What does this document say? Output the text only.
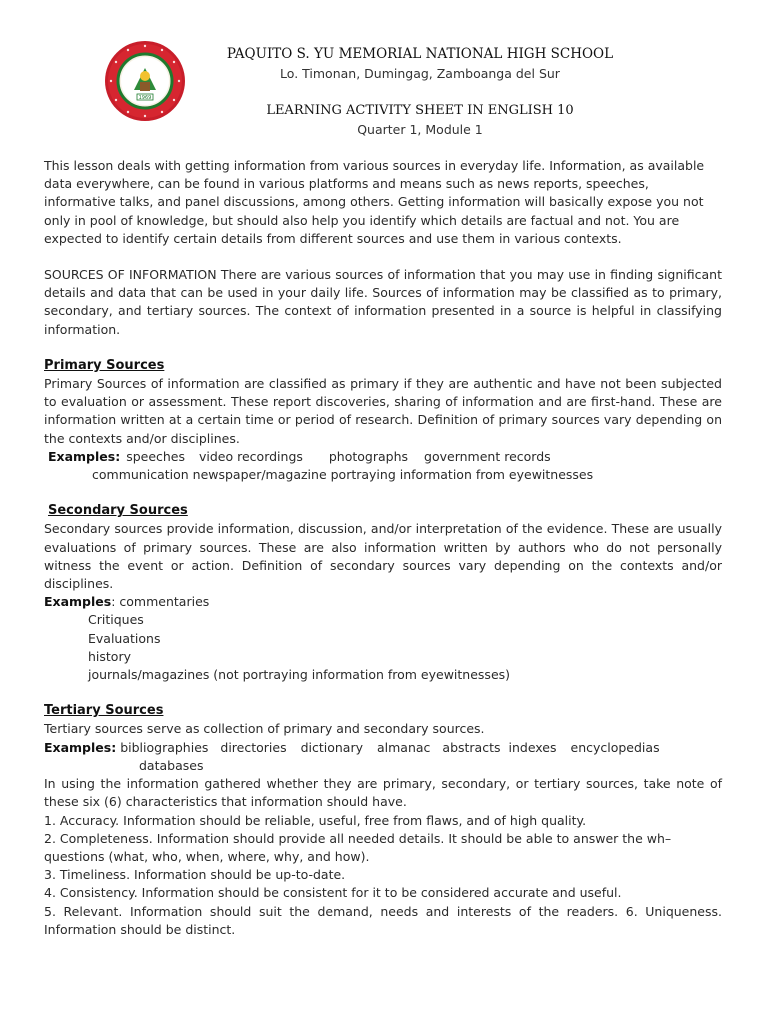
1969
PAQUITO S. YU MEMORIAL NATIONAL HIGH SCHOOL
Lo. Timonan, Dumingag, Zamboanga del Sur
LEARNING ACTIVITY SHEET IN ENGLISH 10
Quarter 1, Module 1

This lesson deals with getting information from various sources in everyday life. Information, as available data everywhere, can be found in various platforms and means such as news reports, speeches, informative talks, and panel discussions, among others. Getting information will basically expose you not only in pool of knowledge, but should also help you identify which details are factual and not. You are expected to identify certain details from different sources and use them in various contexts.

SOURCES OF INFORMATION There are various sources of information that you may use in finding significant details and data that can be used in your daily life. Sources of information may be classified as to primary, secondary, and tertiary sources. The context of information presented in a source is helpful in classifying information.

Primary Sources

Primary Sources of information are classified as primary if they are authentic and have not been subjected to evaluation or assessment. These report discoveries, sharing of information and are first-hand. These are information written at a certain time or period of research. Definition of primary sources vary depending on the contexts and/or disciplines.

Examples: speeches video recordings photographs government records

communication newspaper/magazine portraying information from eyewitnesses

Secondary Sources

Secondary sources provide information, discussion, and/or interpretation of the evidence. These are usually evaluations of primary sources. These are also information written by authors who do not personally witness the event or action. Definition of secondary sources vary depending on the contexts and/or disciplines.

Examples: commentaries

Critiques

Evaluations

history

journals/magazines (not portraying information from eyewitnesses)

Tertiary Sources

Tertiary sources serve as collection of primary and secondary sources.

Examples: bibliographies directories dictionary almanac abstracts indexes encyclopedias

databases

In using the information gathered whether they are primary, secondary, or tertiary sources, take note of these six (6) characteristics that information should have.

1. Accuracy. Information should be reliable, useful, free from flaws, and of high quality.

2. Completeness. Information should provide all needed details. It should be able to answer the wh– questions (what, who, when, where, why, and how).

3. Timeliness. Information should be up-to-date.

4. Consistency. Information should be consistent for it to be considered accurate and useful.

5. Relevant. Information should suit the demand, needs and interests of the readers. 6. Uniqueness. Information should be distinct.
